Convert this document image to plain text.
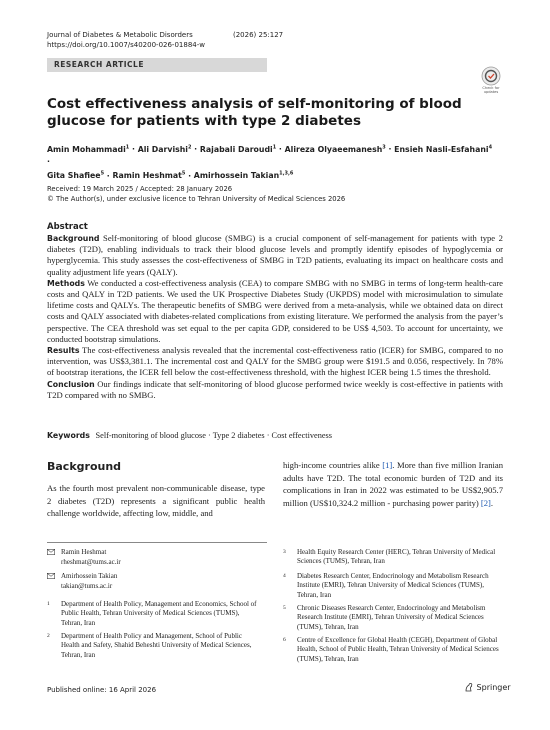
Journal of Diabetes & Metabolic Disorders	(2026) 25:127
https://doi.org/10.1007/s40200-026-01884-w
RESEARCH ARTICLE
Check for updates
Cost effectiveness analysis of self-monitoring of blood glucose for patients with type 2 diabetes
Amin Mohammadi$^1$ · Ali Darvishi$^2$ · Rajabali Daroudi$^1$ · Alireza Olyaeemanesh$^3$ · Ensieh Nasli-Esfahani$^4$ ·
Gita Shafiee$^5$ · Ramin Heshmat$^5$ · Amirhossein Takian$^{1,3,6}$
Received: 19 March 2025 / Accepted: 28 January 2026
© The Author(s), under exclusive licence to Tehran University of Medical Sciences 2026
Abstract

Background Self-monitoring of blood glucose (SMBG) is a crucial component of self-management for patients with type 2 diabetes (T2D), enabling individuals to track their blood glucose levels and promptly identify episodes of hypoglycemia or hyperglycemia. This study assesses the cost-effectiveness of SMBG in T2D patients, evaluating its impact on healthcare costs and quality adjustment life years (QALY).

Methods We conducted a cost-effectiveness analysis (CEA) to compare SMBG with no SMBG in terms of long-term health-care costs and QALY in T2D patients. We used the UK Prospective Diabetes Study (UKPDS) model with microsimulation to simulate lifetime costs and QALYs. The therapeutic benefits of SMBG were derived from a meta-analysis, while we obtained data on direct costs and QALY associated with diabetes-related complications from existing literature. We performed the analysis from the payer’s perspective. The CEA threshold was set equal to the per capita GDP, considered to be US$ 4,503. To account for uncertainty, we conducted bootstrap simulations.

Results The cost-effectiveness analysis revealed that the incremental cost-effectiveness ratio (ICER) for SMBG, compared to no intervention, was US$3,381.1. The incremental cost and QALY for the SMBG group were $191.5 and 0.056, respectively. In 78% of bootstrap iterations, the ICER fell below the cost-effectiveness threshold, with the highest ICER being 1.5 times the threshold.

Conclusion Our findings indicate that self-monitoring of blood glucose performed twice weekly is cost-effective in patients with T2D compared with no SMBG.

Keywords Self-monitoring of blood glucose · Type 2 diabetes · Cost effectiveness
Background

As the fourth most prevalent non-communicable disease, type 2 diabetes (T2D) represents a significant public health challenge worldwide, affecting low, middle, and

high-income countries alike [1]. More than five million Iranian adults have T2D. The total economic burden of T2D and its complications in Iran in 2022 was estimated to be US$2,905.7 million (US$10,324.2 million - purchasing power parity) [2].

Ramin Heshmat
rheshmat@tums.ac.ir
Amirhossein Takian
takian@tums.ac.ir
1 Department of Health Policy, Management and Economics, School of Public Health, Tehran University of Medical Sciences (TUMS), Tehran, Iran
2 Department of Health Policy and Management, School of Public Health and Safety, Shahid Beheshti University of Medical Sciences, Tehran, Iran
3 Health Equity Research Center (HERC), Tehran University of Medical Sciences (TUMS), Tehran, Iran
4 Diabetes Research Center, Endocrinology and Metabolism Research Institute (EMRI), Tehran University of Medical Sciences (TUMS), Tehran, Iran
5 Chronic Diseases Research Center, Endocrinology and Metabolism Research Institute (EMRI), Tehran University of Medical Sciences (TUMS), Tehran, Iran
6 Centre of Excellence for Global Health (CEGH), Department of Global Health, School of Public Health, Tehran University of Medical Sciences (TUMS), Tehran, Iran
Published online: 16 April 2026	Springer
